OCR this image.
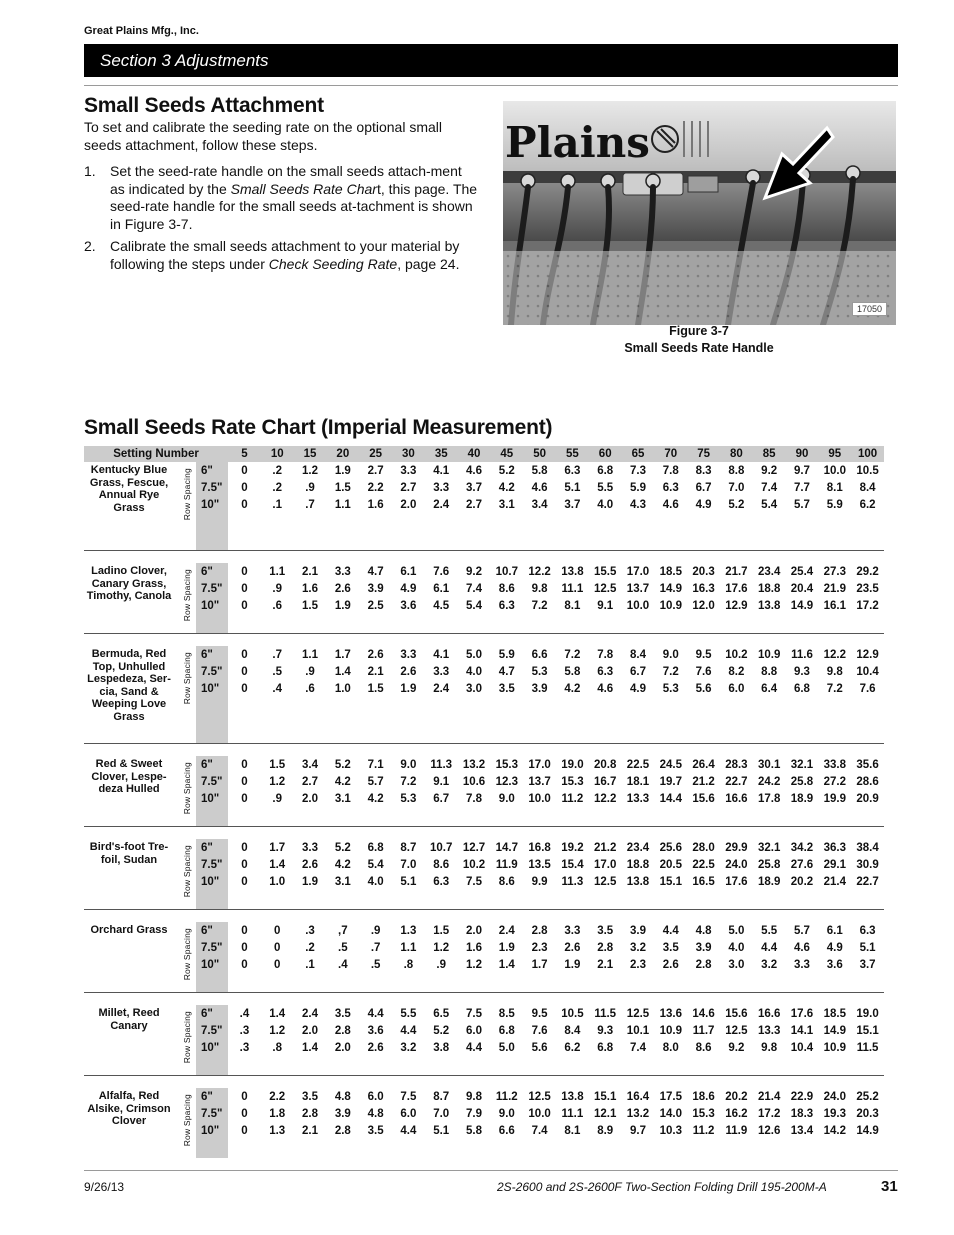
Great Plains Mfg., Inc.
Section 3 Adjustments
Small Seeds Attachment

To set and calibrate the seeding rate on the optional small seeds attachment, follow these steps.

1. Set the seed-rate handle on the small seeds attach-ment as indicated by the Small Seeds Rate Chart, this page. The seed-rate handle for the small seeds at-tachment is shown in Figure 3-7.
2. Calibrate the small seeds attachment to your material by following the steps under Check Seeding Rate, page 24.
Plains
17050
Figure 3-7
Small Seeds Rate Handle
Small Seeds Rate Chart (Imperial Measurement)
Setting Number			5	10	15	20	25	30	35	40	45	50	55	60	65	70	75	80	85	90	95	100
Kentucky Blue Grass, Fescue, Annual Rye Grass	Row Spacing	6"	0	.2	1.2	1.9	2.7	3.3	4.1	4.6	5.2	5.8	6.3	6.8	7.3	7.8	8.3	8.8	9.2	9.7	10.0	10.5
		7.5"	0	.2	.9	1.5	2.2	2.7	3.3	3.7	4.2	4.6	5.1	5.5	5.9	6.3	6.7	7.0	7.4	7.7	8.1	8.4
		10"	0	.1	.7	1.1	1.6	2.0	2.4	2.7	3.1	3.4	3.7	4.0	4.3	4.6	4.9	5.2	5.4	5.7	5.9	6.2

Ladino Clover, Canary Grass, Timothy, Canola	Row Spacing	6"	0	1.1	2.1	3.3	4.7	6.1	7.6	9.2	10.7	12.2	13.8	15.5	17.0	18.5	20.3	21.7	23.4	25.4	27.3	29.2
		7.5"	0	.9	1.6	2.6	3.9	4.9	6.1	7.4	8.6	9.8	11.1	12.5	13.7	14.9	16.3	17.6	18.8	20.4	21.9	23.5
		10"	0	.6	1.5	1.9	2.5	3.6	4.5	5.4	6.3	7.2	8.1	9.1	10.0	10.9	12.0	12.9	13.8	14.9	16.1	17.2

Bermuda, Red Top, Unhulled Lespedeza, Ser-cia, Sand & Weeping Love Grass	Row Spacing	6"	0	.7	1.1	1.7	2.6	3.3	4.1	5.0	5.9	6.6	7.2	7.8	8.4	9.0	9.5	10.2	10.9	11.6	12.2	12.9
		7.5"	0	.5	.9	1.4	2.1	2.6	3.3	4.0	4.7	5.3	5.8	6.3	6.7	7.2	7.6	8.2	8.8	9.3	9.8	10.4
		10"	0	.4	.6	1.0	1.5	1.9	2.4	3.0	3.5	3.9	4.2	4.6	4.9	5.3	5.6	6.0	6.4	6.8	7.2	7.6

Red & Sweet Clover, Lespe-deza Hulled	Row Spacing	6"	0	1.5	3.4	5.2	7.1	9.0	11.3	13.2	15.3	17.0	19.0	20.8	22.5	24.5	26.4	28.3	30.1	32.1	33.8	35.6
		7.5"	0	1.2	2.7	4.2	5.7	7.2	9.1	10.6	12.3	13.7	15.3	16.7	18.1	19.7	21.2	22.7	24.2	25.8	27.2	28.6
		10"	0	.9	2.0	3.1	4.2	5.3	6.7	7.8	9.0	10.0	11.2	12.2	13.3	14.4	15.6	16.6	17.8	18.9	19.9	20.9

Bird's-foot Tre-foil, Sudan	Row Spacing	6"	0	1.7	3.3	5.2	6.8	8.7	10.7	12.7	14.7	16.8	19.2	21.2	23.4	25.6	28.0	29.9	32.1	34.2	36.3	38.4
		7.5"	0	1.4	2.6	4.2	5.4	7.0	8.6	10.2	11.9	13.5	15.4	17.0	18.8	20.5	22.5	24.0	25.8	27.6	29.1	30.9
		10"	0	1.0	1.9	3.1	4.0	5.1	6.3	7.5	8.6	9.9	11.3	12.5	13.8	15.1	16.5	17.6	18.9	20.2	21.4	22.7

Orchard Grass	Row Spacing	6"	0	0	.3	,7	.9	1.3	1.5	2.0	2.4	2.8	3.3	3.5	3.9	4.4	4.8	5.0	5.5	5.7	6.1	6.3
		7.5"	0	0	.2	.5	.7	1.1	1.2	1.6	1.9	2.3	2.6	2.8	3.2	3.5	3.9	4.0	4.4	4.6	4.9	5.1
		10"	0	0	.1	.4	.5	.8	.9	1.2	1.4	1.7	1.9	2.1	2.3	2.6	2.8	3.0	3.2	3.3	3.6	3.7

Millet, Reed Canary	Row Spacing	6"	.4	1.4	2.4	3.5	4.4	5.5	6.5	7.5	8.5	9.5	10.5	11.5	12.5	13.6	14.6	15.6	16.6	17.6	18.5	19.0
		7.5"	.3	1.2	2.0	2.8	3.6	4.4	5.2	6.0	6.8	7.6	8.4	9.3	10.1	10.9	11.7	12.5	13.3	14.1	14.9	15.1
		10"	.3	.8	1.4	2.0	2.6	3.2	3.8	4.4	5.0	5.6	6.2	6.8	7.4	8.0	8.6	9.2	9.8	10.4	10.9	11.5

Alfalfa, Red Alsike, Crimson Clover	Row Spacing	6"	0	2.2	3.5	4.8	6.0	7.5	8.7	9.8	11.2	12.5	13.8	15.1	16.4	17.5	18.6	20.2	21.4	22.9	24.0	25.2
		7.5"	0	1.8	2.8	3.9	4.8	6.0	7.0	7.9	9.0	10.0	11.1	12.1	13.2	14.0	15.3	16.2	17.2	18.3	19.3	20.3
		10"	0	1.3	2.1	2.8	3.5	4.4	5.1	5.8	6.6	7.4	8.1	8.9	9.7	10.3	11.2	11.9	12.6	13.4	14.2	14.9

9/26/13	2S-2600 and 2S-2600F Two-Section Folding Drill 195-200M-A	31
